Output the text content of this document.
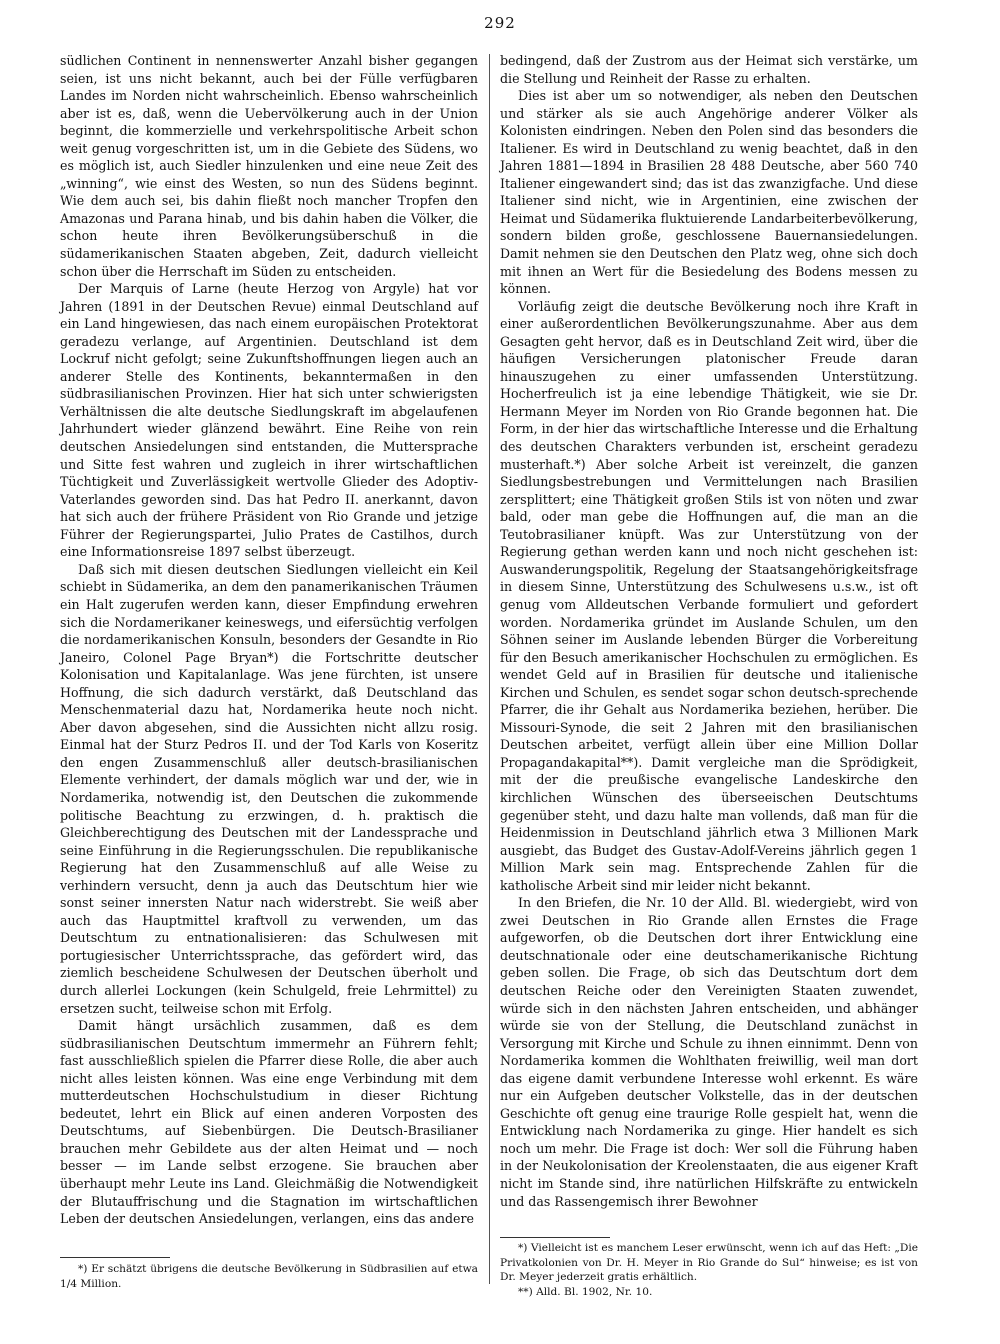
292

südlichen Continent in nennenswerter Anzahl bisher gegangen seien, ist uns nicht bekannt, auch bei der Fülle verfügbaren Landes im Norden nicht wahrscheinlich. Ebenso wahrscheinlich aber ist es, daß, wenn die Uebervölkerung auch in der Union beginnt, die kommerzielle und verkehrspolitische Arbeit schon weit genug vorgeschritten ist, um in die Gebiete des Südens, wo es möglich ist, auch Siedler hinzulenken und eine neue Zeit des „winning“, wie einst des Westen, so nun des Südens beginnt. Wie dem auch sei, bis dahin fließt noch mancher Tropfen den Amazonas und Parana hinab, und bis dahin haben die Völker, die schon heute ihren Bevölkerungsüberschuß in die südamerikanischen Staaten abgeben, Zeit, dadurch vielleicht schon über die Herrschaft im Süden zu entscheiden.

Der Marquis of Larne (heute Herzog von Argyle) hat vor Jahren (1891 in der Deutschen Revue) einmal Deutschland auf ein Land hingewiesen, das nach einem europäischen Protektorat geradezu verlange, auf Argentinien. Deutschland ist dem Lockruf nicht gefolgt; seine Zukunftshoffnungen liegen auch an anderer Stelle des Kontinents, bekanntermaßen in den südbrasilianischen Provinzen. Hier hat sich unter schwierigsten Verhältnissen die alte deutsche Siedlungskraft im abgelaufenen Jahrhundert wieder glänzend bewährt. Eine Reihe von rein deutschen Ansiedelungen sind entstanden, die Muttersprache und Sitte fest wahren und zugleich in ihrer wirtschaftlichen Tüchtigkeit und Zuverlässigkeit wertvolle Glieder des Adoptiv-Vaterlandes geworden sind. Das hat Pedro II. anerkannt, davon hat sich auch der frühere Präsident von Rio Grande und jetzige Führer der Regierungspartei, Julio Prates de Castilhos, durch eine Informationsreise 1897 selbst überzeugt.

Daß sich mit diesen deutschen Siedlungen vielleicht ein Keil schiebt in Südamerika, an dem den panamerikanischen Träumen ein Halt zugerufen werden kann, dieser Empfindung erwehren sich die Nordamerikaner keineswegs, und eifersüchtig verfolgen die nordamerikanischen Konsuln, besonders der Gesandte in Rio Janeiro, Colonel Page Bryan*) die Fortschritte deutscher Kolonisation und Kapitalanlage. Was jene fürchten, ist unsere Hoffnung, die sich dadurch verstärkt, daß Deutschland das Menschenmaterial dazu hat, Nordamerika heute noch nicht. Aber davon abgesehen, sind die Aussichten nicht allzu rosig. Einmal hat der Sturz Pedros II. und der Tod Karls von Koseritz den engen Zusammenschluß aller deutsch-brasilianischen Elemente verhindert, der damals möglich war und der, wie in Nordamerika, notwendig ist, den Deutschen die zukommende politische Beachtung zu erzwingen, d. h. praktisch die Gleichberechtigung des Deutschen mit der Landessprache und seine Einführung in die Regierungsschulen. Die republikanische Regierung hat den Zusammenschluß auf alle Weise zu verhindern versucht, denn ja auch das Deutschtum hier wie sonst seiner innersten Natur nach widerstrebt. Sie weiß aber auch das Hauptmittel kraftvoll zu verwenden, um das Deutschtum zu entnationalisieren: das Schulwesen mit portugiesischer Unterrichtssprache, das gefördert wird, das ziemlich bescheidene Schulwesen der Deutschen überholt und durch allerlei Lockungen (kein Schulgeld, freie Lehrmittel) zu ersetzen sucht, teilweise schon mit Erfolg.

Damit hängt ursächlich zusammen, daß es dem südbrasilianischen Deutschtum immermehr an Führern fehlt; fast ausschließlich spielen die Pfarrer diese Rolle, die aber auch nicht alles leisten können. Was eine enge Verbindung mit dem mutterdeutschen Hochschulstudium in dieser Richtung bedeutet, lehrt ein Blick auf einen anderen Vorposten des Deutschtums, auf Siebenbürgen. Die Deutsch-Brasilianer brauchen mehr Gebildete aus der alten Heimat und — noch besser — im Lande selbst erzogene. Sie brauchen aber überhaupt mehr Leute ins Land. Gleichmäßig die Notwendigkeit der Blutauffrischung und die Stagnation im wirtschaftlichen Leben der deutschen Ansiedelungen, verlangen, eins das andere

bedingend, daß der Zustrom aus der Heimat sich verstärke, um die Stellung und Reinheit der Rasse zu erhalten.

Dies ist aber um so notwendiger, als neben den Deutschen und stärker als sie auch Angehörige anderer Völker als Kolonisten eindringen. Neben den Polen sind das besonders die Italiener. Es wird in Deutschland zu wenig beachtet, daß in den Jahren 1881—1894 in Brasilien 28 488 Deutsche, aber 560 740 Italiener eingewandert sind; das ist das zwanzigfache. Und diese Italiener sind nicht, wie in Argentinien, eine zwischen der Heimat und Südamerika fluktuierende Landarbeiterbevölkerung, sondern bilden große, geschlossene Bauernansiedelungen. Damit nehmen sie den Deutschen den Platz weg, ohne sich doch mit ihnen an Wert für die Besiedelung des Bodens messen zu können.

Vorläufig zeigt die deutsche Bevölkerung noch ihre Kraft in einer außerordentlichen Bevölkerungszunahme. Aber aus dem Gesagten geht hervor, daß es in Deutschland Zeit wird, über die häufigen Versicherungen platonischer Freude daran hinauszugehen zu einer umfassenden Unterstützung. Hocherfreulich ist ja eine lebendige Thätigkeit, wie sie Dr. Hermann Meyer im Norden von Rio Grande begonnen hat. Die Form, in der hier das wirtschaftliche Interesse und die Erhaltung des deutschen Charakters verbunden ist, erscheint geradezu musterhaft.*) Aber solche Arbeit ist vereinzelt, die ganzen Siedlungsbestrebungen und Vermittelungen nach Brasilien zersplittert; eine Thätigkeit großen Stils ist von nöten und zwar bald, oder man gebe die Hoffnungen auf, die man an die Teutobrasilianer knüpft. Was zur Unterstützung von der Regierung gethan werden kann und noch nicht geschehen ist: Auswanderungspolitik, Regelung der Staatsangehörigkeitsfrage in diesem Sinne, Unterstützung des Schulwesens u.s.w., ist oft genug vom Alldeutschen Verbande formuliert und gefordert worden. Nordamerika gründet im Auslande Schulen, um den Söhnen seiner im Auslande lebenden Bürger die Vorbereitung für den Besuch amerikanischer Hochschulen zu ermöglichen. Es wendet Geld auf in Brasilien für deutsche und italienische Kirchen und Schulen, es sendet sogar schon deutsch-sprechende Pfarrer, die ihr Gehalt aus Nordamerika beziehen, herüber. Die Missouri-Synode, die seit 2 Jahren mit den brasilianischen Deutschen arbeitet, verfügt allein über eine Million Dollar Propagandakapital**). Damit vergleiche man die Sprödigkeit, mit der die preußische evangelische Landeskirche den kirchlichen Wünschen des überseeischen Deutschtums gegenüber steht, und dazu halte man vollends, daß man für die Heidenmission in Deutschland jährlich etwa 3 Millionen Mark ausgiebt, das Budget des Gustav-Adolf-Vereins jährlich gegen 1 Million Mark sein mag. Entsprechende Zahlen für die katholische Arbeit sind mir leider nicht bekannt.

In den Briefen, die Nr. 10 der Alld. Bl. wiedergiebt, wird von zwei Deutschen in Rio Grande allen Ernstes die Frage aufgeworfen, ob die Deutschen dort ihrer Entwicklung eine deutschnationale oder eine deutschamerikanische Richtung geben sollen. Die Frage, ob sich das Deutschtum dort dem deutschen Reiche oder den Vereinigten Staaten zuwendet, würde sich in den nächsten Jahren entscheiden, und abhänger würde sie von der Stellung, die Deutschland zunächst in Versorgung mit Kirche und Schule zu ihnen einnimmt. Denn von Nordamerika kommen die Wohlthaten freiwillig, weil man dort das eigene damit verbundene Interesse wohl erkennt. Es wäre nur ein Aufgeben deutscher Volkstelle, das in der deutschen Geschichte oft genug eine traurige Rolle gespielt hat, wenn die Entwicklung nach Nordamerika zu ginge. Hier handelt es sich noch um mehr. Die Frage ist doch: Wer soll die Führung haben in der Neukolonisation der Kreolenstaaten, die aus eigener Kraft nicht im Stande sind, ihre natürlichen Hilfskräfte zu entwickeln und das Rassengemisch ihrer Bewohner

*) Er schätzt übrigens die deutsche Bevölkerung in Südbrasilien auf etwa 1/4 Million.

*) Vielleicht ist es manchem Leser erwünscht, wenn ich auf das Heft: „Die Privatkolonien von Dr. H. Meyer in Rio Grande do Sul“ hinweise; es ist von Dr. Meyer jederzeit gratis erhältlich.

**) Alld. Bl. 1902, Nr. 10.
